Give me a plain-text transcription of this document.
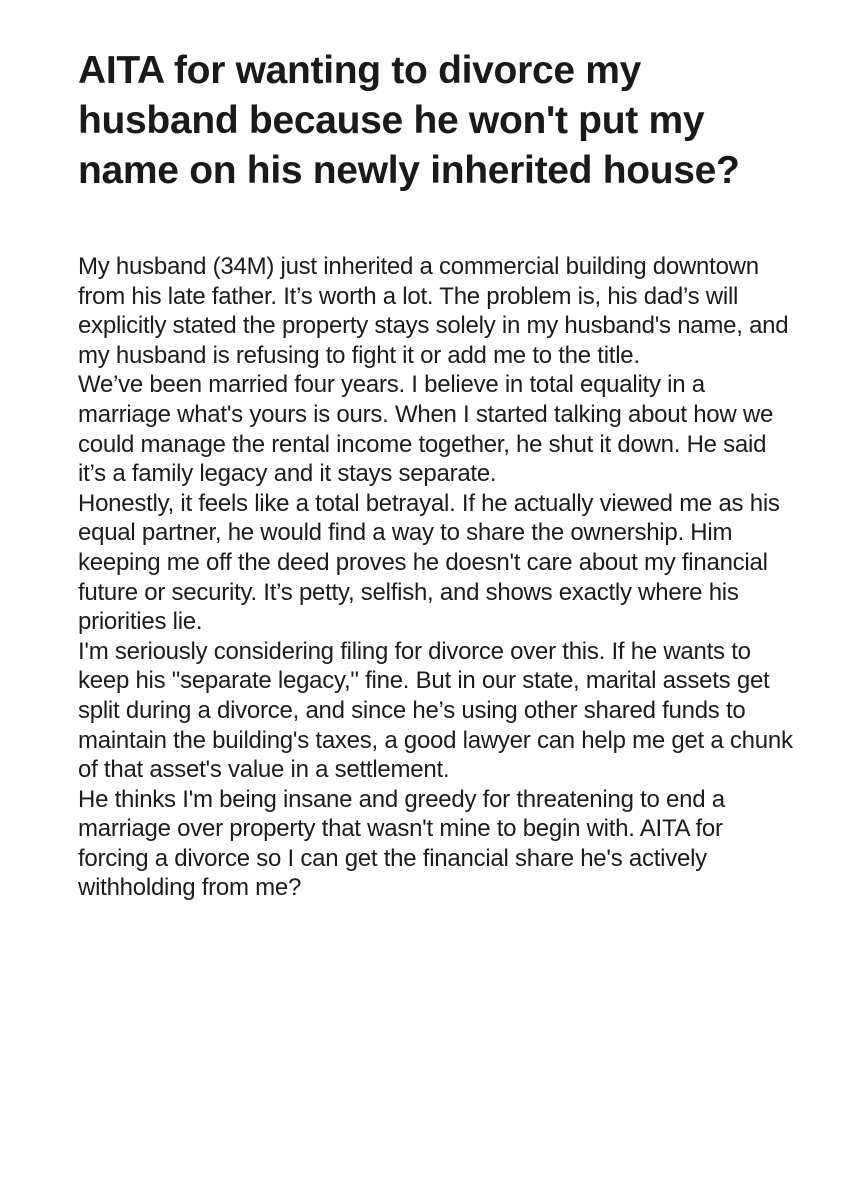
AITA for wanting to divorce my husband because he won't put my name on his newly inherited house?

My husband (34M) just inherited a commercial building downtown from his late father. It’s worth a lot. The problem is, his dad’s will explicitly stated the property stays solely in my husband's name, and my husband is refusing to fight it or add me to the title.

We’ve been married four years. I believe in total equality in a marriage what's yours is ours. When I started talking about how we could manage the rental income together, he shut it down. He said it’s a family legacy and it stays separate.

Honestly, it feels like a total betrayal. If he actually viewed me as his equal partner, he would find a way to share the ownership. Him keeping me off the deed proves he doesn't care about my financial future or security. It’s petty, selfish, and shows exactly where his priorities lie.

I'm seriously considering filing for divorce over this. If he wants to keep his "separate legacy," fine. But in our state, marital assets get split during a divorce, and since he’s using other shared funds to maintain the building's taxes, a good lawyer can help me get a chunk of that asset's value in a settlement.

He thinks I'm being insane and greedy for threatening to end a marriage over property that wasn't mine to begin with. AITA for forcing a divorce so I can get the financial share he's actively withholding from me?
